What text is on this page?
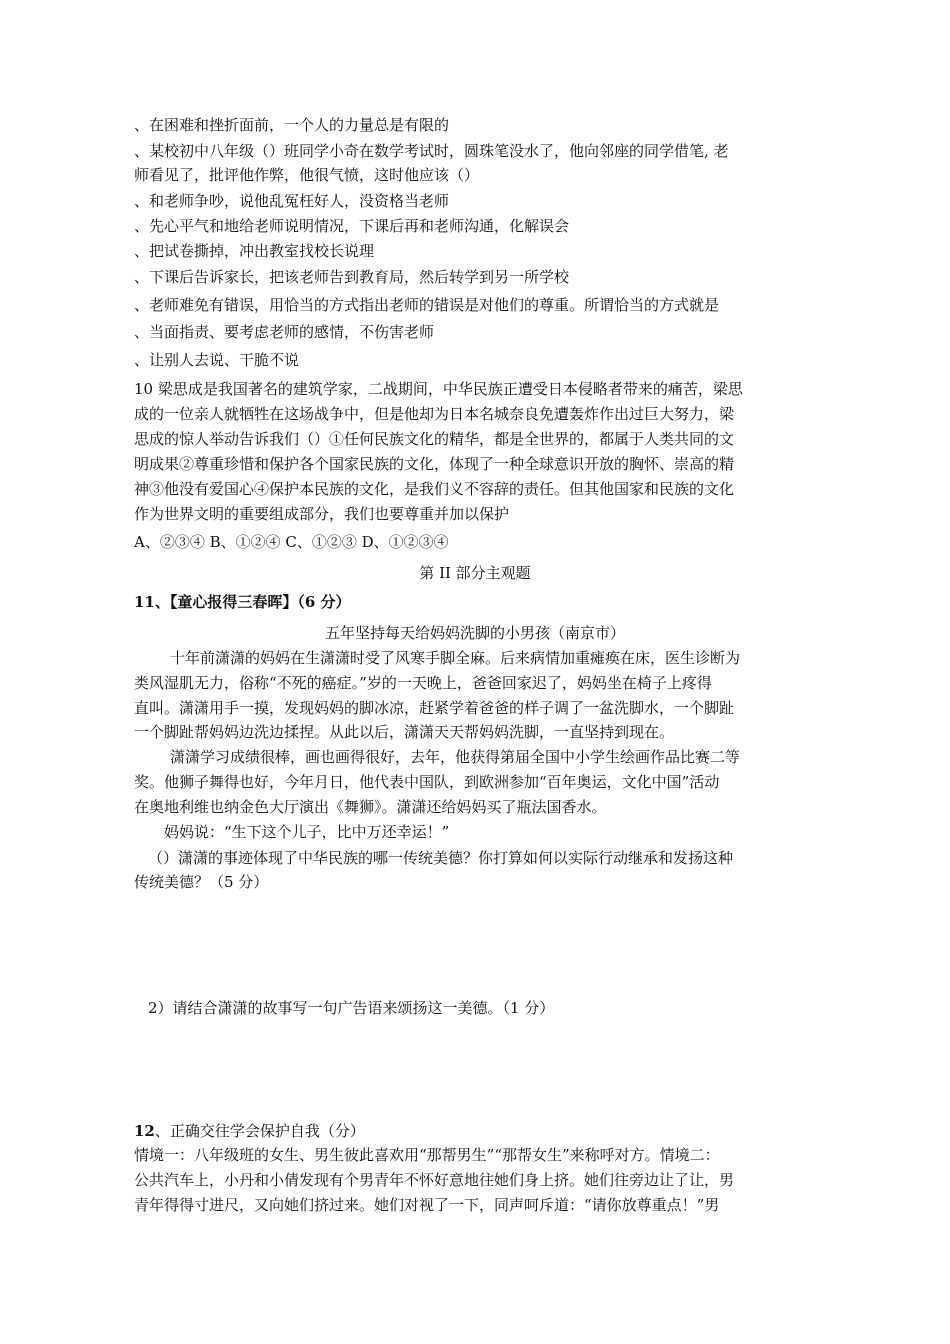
、在困难和挫折面前，一个人的力量总是有限的
、某校初中八年级（）班同学小奇在数学考试时，圆珠笔没水了，他向邻座的同学借笔, 老
师看见了，批评他作弊，他很气愤，这时他应该（）
、和老师争吵，说他乱冤枉好人，没资格当老师
、先心平气和地给老师说明情况，下课后再和老师沟通，化解误会
、把试卷撕掉，冲出教室找校长说理
、下课后告诉家长，把该老师告到教育局，然后转学到另一所学校
、老师难免有错误，用恰当的方式指出老师的错误是对他们的尊重。所谓恰当的方式就是
、当面指责、要考虑老师的感情，不伤害老师
、让别人去说、干脆不说
10 梁思成是我国著名的建筑学家，二战期间，中华民族正遭受日本侵略者带来的痛苦，梁思
成的一位亲人就牺牲在这场战争中，但是他却为日本名城奈良免遭轰炸作出过巨大努力，梁
思成的惊人举动告诉我们（）①任何民族文化的精华，都是全世界的，都属于人类共同的文
明成果②尊重珍惜和保护各个国家民族的文化，体现了一种全球意识开放的胸怀、崇高的精
神③他没有爱国心④保护本民族的文化，是我们义不容辞的责任。但其他国家和民族的文化
作为世界文明的重要组成部分，我们也要尊重并加以保护
A、②③④ B、①②④ C、①②③ D、①②③④
第 II 部分主观题
11、【童心报得三春晖】（6 分）
五年坚持每天给妈妈洗脚的小男孩（南京市）
十年前潇潇的妈妈在生潇潇时受了风寒手脚全麻。后来病情加重瘫痪在床，医生诊断为
类风湿肌无力，俗称“不死的癌症。”岁的一天晚上，爸爸回家迟了，妈妈坐在椅子上疼得
直叫。潇潇用手一摸，发现妈妈的脚冰凉，赶紧学着爸爸的样子调了一盆洗脚水，一个脚趾
一个脚趾帮妈妈边洗边揉捏。从此以后，潇潇天天帮妈妈洗脚，一直坚持到现在。
潇潇学习成绩很棒，画也画得很好，去年，他获得第届全国中小学生绘画作品比赛二等
奖。他狮子舞得也好，今年月日，他代表中国队，到欧洲参加“百年奥运，文化中国”活动
在奥地利维也纳金色大厅演出《舞狮》。潇潇还给妈妈买了瓶法国香水。
妈妈说：“生下这个儿子，比中万还幸运！”
（）潇潇的事迹体现了中华民族的哪一传统美德？你打算如何以实际行动继承和发扬这种
传统美德？（5 分）
2）请结合潇潇的故事写一句广告语来颂扬这一美德。（1 分）
12、正确交往学会保护自我（分）
情境一：八年级班的女生、男生彼此喜欢用“那帮男生”“那帮女生”来称呼对方。情境二：
公共汽车上，小丹和小倩发现有个男青年不怀好意地往她们身上挤。她们往旁边让了让，男
青年得得寸进尺，又向她们挤过来。她们对视了一下，同声呵斥道：“请你放尊重点！”男
